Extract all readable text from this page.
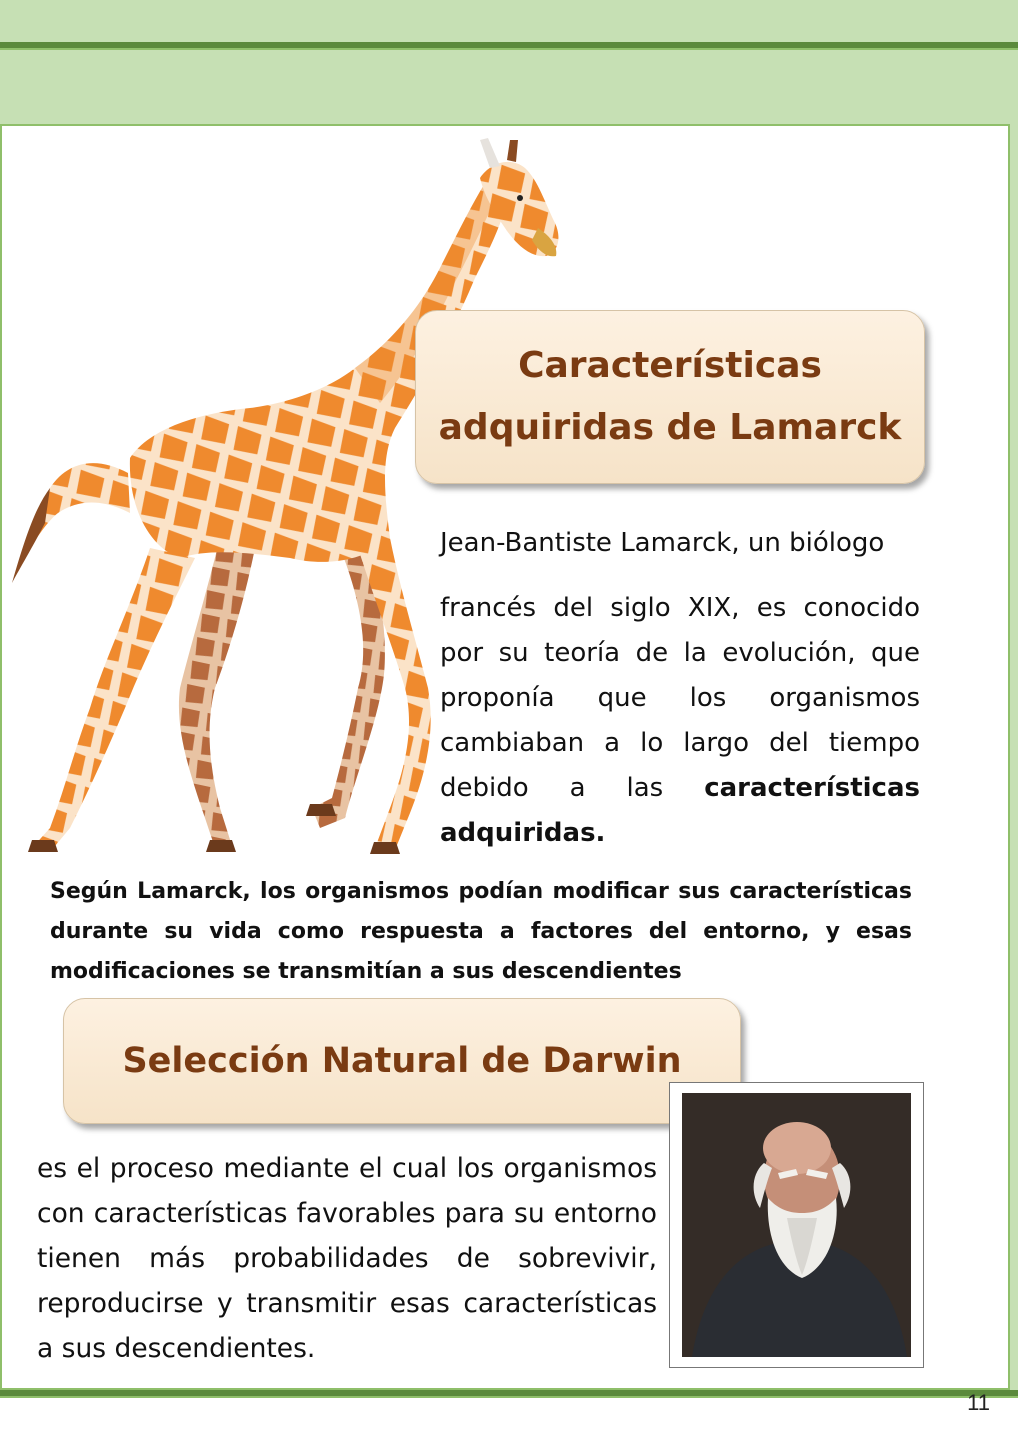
Características adquiridas de Lamarck
Jean-Bantiste Lamarck, un biólogo
francés del siglo XIX, es conocido por su teoría de la evolución, que proponía que los organismos cambiaban a lo largo del tiempo debido a las características adquiridas.
Según Lamarck, los organismos podían modificar sus características durante su vida como respuesta a factores del entorno, y esas modificaciones se transmitían a sus descendientes
Selección Natural de Darwin
es el proceso mediante el cual los organismos con características favorables para su entorno tienen más probabilidades de sobrevivir, reproducirse y transmitir esas características a sus descendientes.
11
